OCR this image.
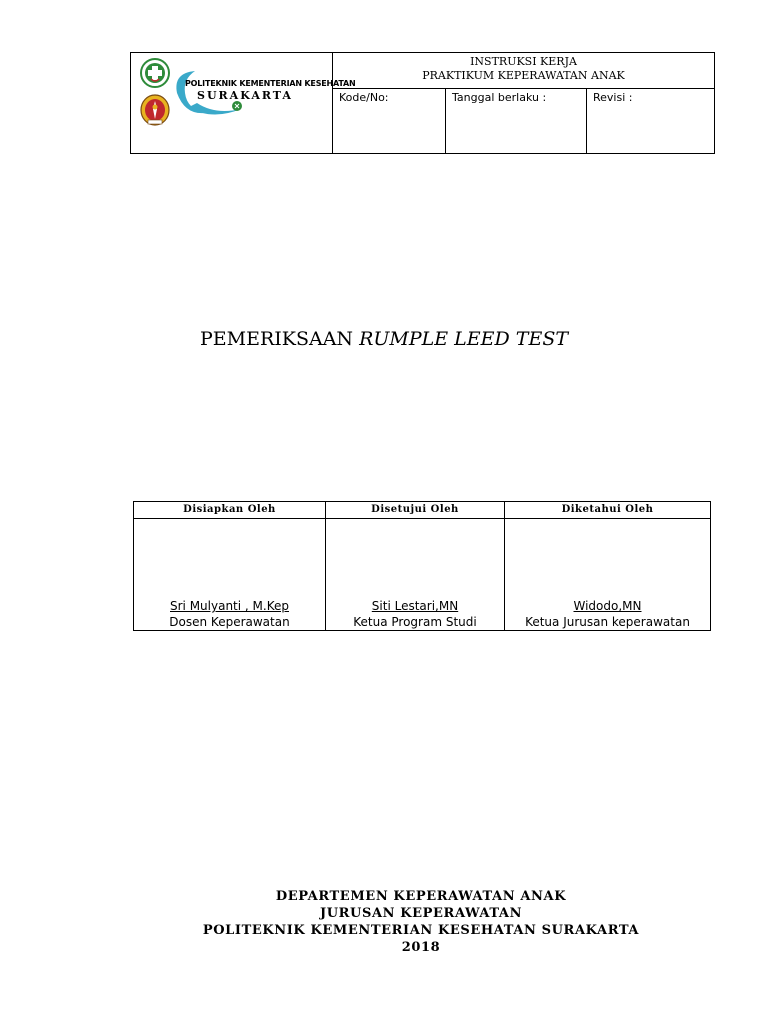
POLITEKNIK KEMENTERIAN KESEHATAN
SURAKARTA
INSTRUKSI KERJA
PRAKTIKUM KEPERAWATAN ANAK
Kode/No:	Tanggal berlaku :	Revisi :
PEMERIKSAAN RUMPLE LEED TEST
Disiapkan Oleh
Sri Mulyanti , M.Kep
Dosen Keperawatan
Disetujui Oleh
Siti Lestari,MN
Ketua Program Studi
Diketahui Oleh
Widodo,MN
Ketua Jurusan keperawatan
DEPARTEMEN KEPERAWATAN ANAK
JURUSAN KEPERAWATAN
POLITEKNIK KEMENTERIAN KESEHATAN SURAKARTA
2018
